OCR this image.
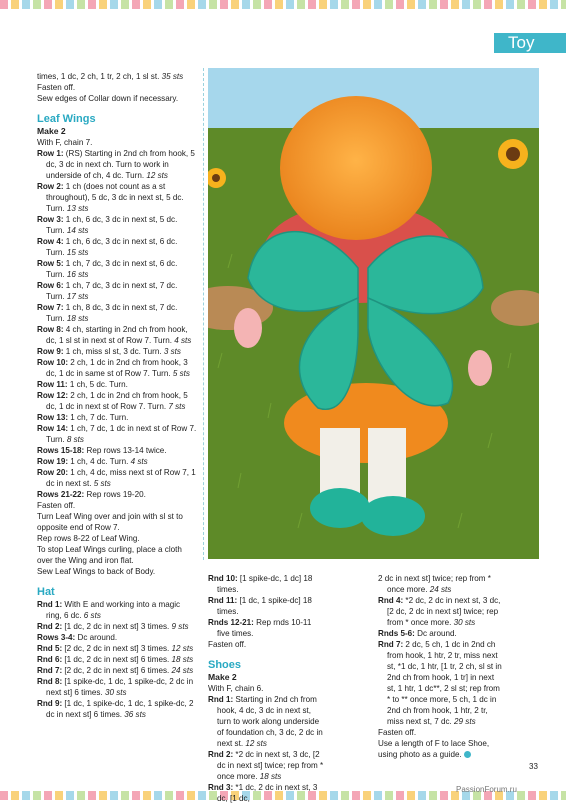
Toy

times, 1 dc, 2 ch, 1 tr, 2 ch, 1 sl st. 35 sts

Fasten off.

Sew edges of Collar down if necessary.

Leaf Wings
Make 2

With F, chain 7.

Row 1: (RS) Starting in 2nd ch from hook, 5 dc, 3 dc in next ch. Turn to work in underside of ch, 4 dc. Turn. 12 sts

Row 2: 1 ch (does not count as a st throughout), 5 dc, 3 dc in next st, 5 dc. Turn. 13 sts

Row 3: 1 ch, 6 dc, 3 dc in next st, 5 dc. Turn. 14 sts

Row 4: 1 ch, 6 dc, 3 dc in next st, 6 dc. Turn. 15 sts

Row 5: 1 ch, 7 dc, 3 dc in next st, 6 dc. Turn. 16 sts

Row 6: 1 ch, 7 dc, 3 dc in next st, 7 dc. Turn. 17 sts

Row 7: 1 ch, 8 dc, 3 dc in next st, 7 dc. Turn. 18 sts

Row 8: 4 ch, starting in 2nd ch from hook, dc, 1 sl st in next st of Row 7. Turn. 4 sts

Row 9: 1 ch, miss sl st, 3 dc. Turn. 3 sts

Row 10: 2 ch, 1 dc in 2nd ch from hook, 3 dc, 1 dc in same st of Row 7. Turn. 5 sts

Row 11: 1 ch, 5 dc. Turn.

Row 12: 2 ch, 1 dc in 2nd ch from hook, 5 dc, 1 dc in next st of Row 7. Turn. 7 sts

Row 13: 1 ch, 7 dc. Turn.

Row 14: 1 ch, 7 dc, 1 dc in next st of Row 7. Turn. 8 sts

Rows 15-18: Rep rows 13-14 twice.

Row 19: 1 ch, 4 dc. Turn. 4 sts

Row 20: 1 ch, 4 dc, miss next st of Row 7, 1 dc in next st. 5 sts

Rows 21-22: Rep rows 19-20.

Fasten off.

Turn Leaf Wing over and join with sl st to opposite end of Row 7.

Rep rows 8-22 of Leaf Wing.

To stop Leaf Wings curling, place a cloth over the Wing and iron flat.

Sew Leaf Wings to back of Body.

Hat

Rnd 1: With E and working into a magic ring, 6 dc. 6 sts

Rnd 2: [1 dc, 2 dc in next st] 3 times. 9 sts

Rows 3-4: Dc around.

Rnd 5: [2 dc, 2 dc in next st] 3 times. 12 sts

Rnd 6: [1 dc, 2 dc in next st] 6 times. 18 sts

Rnd 7: [2 dc, 2 dc in next st] 6 times. 24 sts

Rnd 8: [1 spike-dc, 1 dc, 1 spike-dc, 2 dc in next st] 6 times. 30 sts

Rnd 9: [1 dc, 1 spike-dc, 1 dc, 1 spike-dc, 2 dc in next st] 6 times. 36 sts

Rnd 10: [1 spike-dc, 1 dc] 18 times.

Rnd 11: [1 dc, 1 spike-dc] 18 times.

Rnds 12-21: Rep rnds 10-11 five times.

Fasten off.

Shoes
Make 2

With F, chain 6.

Rnd 1: Starting in 2nd ch from hook, 4 dc, 3 dc in next st, turn to work along underside of foundation ch, 3 dc, 2 dc in next st. 12 sts

Rnd 2: *2 dc in next st, 3 dc, [2 dc in next st] twice; rep from * once more. 18 sts

Rnd 3: *1 dc, 2 dc in next st, 3 dc, [1 dc,

2 dc in next st] twice; rep from * once more. 24 sts

Rnd 4: *2 dc, 2 dc in next st, 3 dc, [2 dc, 2 dc in next st] twice; rep from * once more. 30 sts

Rnds 5-6: Dc around.

Rnd 7: 2 dc, 5 ch, 1 dc in 2nd ch from hook, 1 htr, 2 tr, miss next st, *1 dc, 1 htr, [1 tr, 2 ch, sl st in 2nd ch from hook, 1 tr] in next st, 1 htr, 1 dc**, 2 sl st; rep from * to ** once more, 5 ch, 1 dc in 2nd ch from hook, 1 htr, 2 tr, miss next st, 7 dc. 29 sts

Fasten off.

Use a length of F to lace Shoe, using photo as a guide.

33
PassionForum.ru
